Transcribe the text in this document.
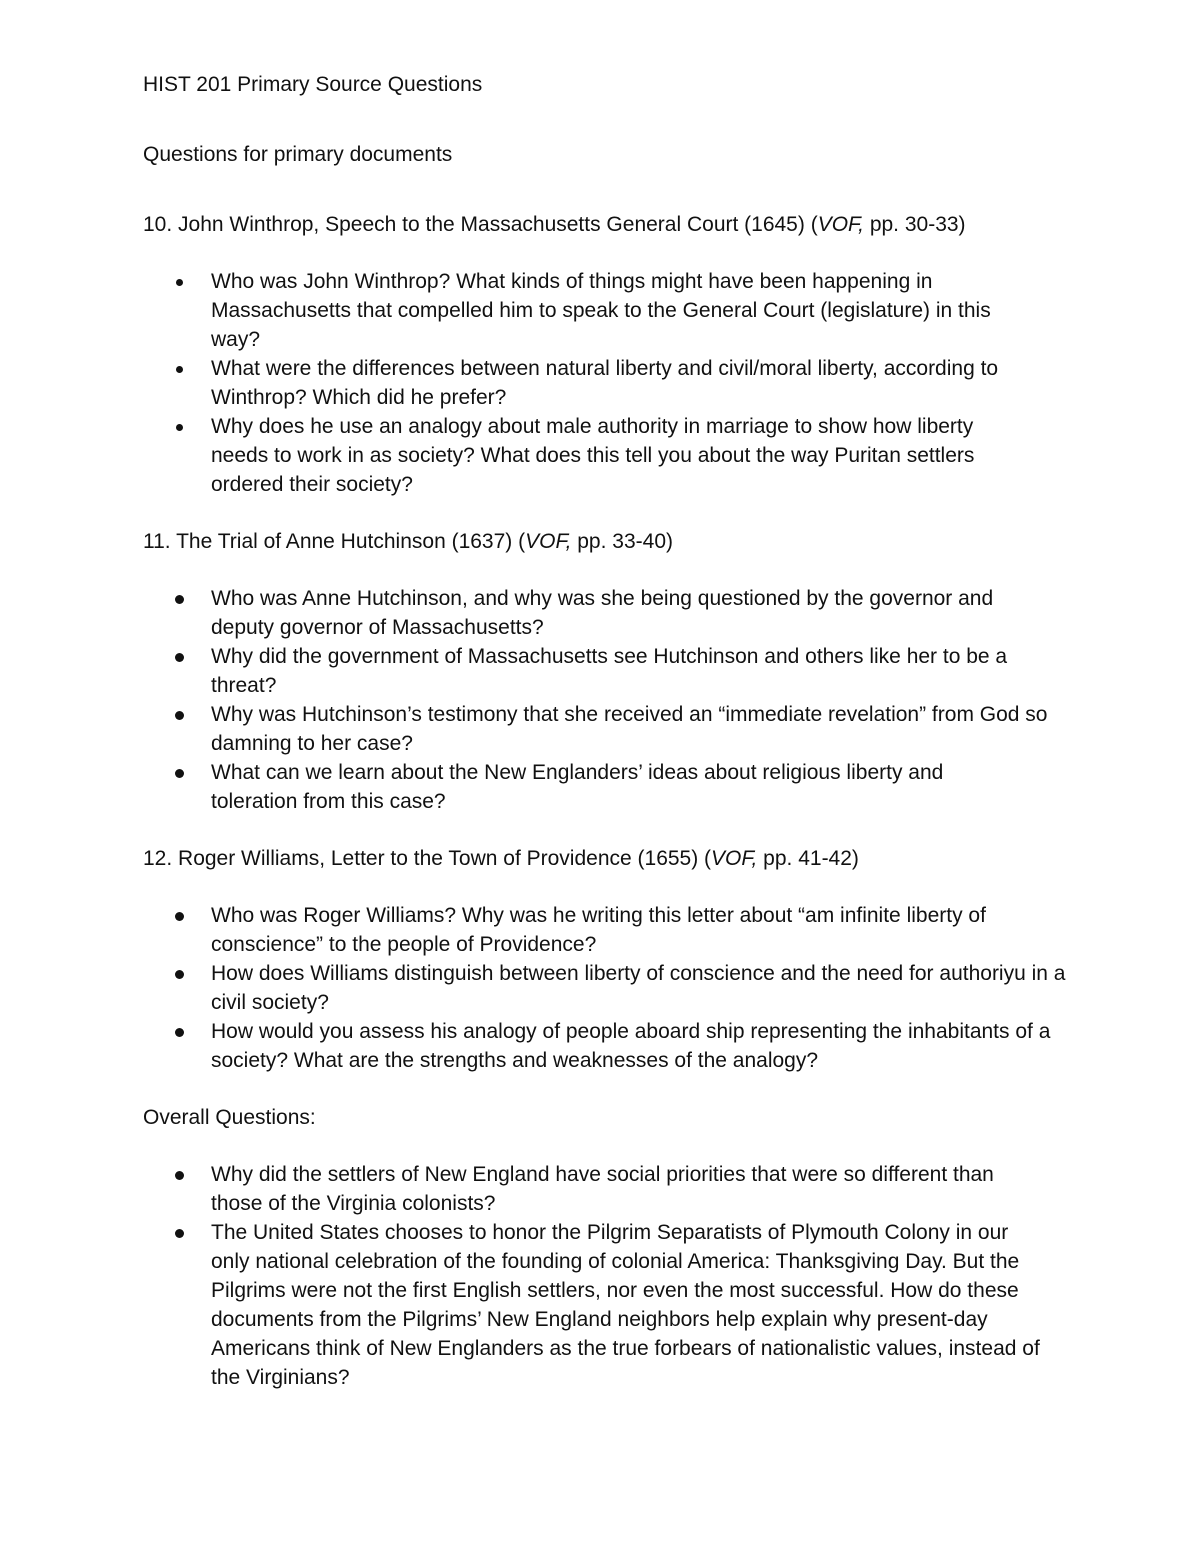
HIST 201 Primary Source Questions

Questions for primary documents

10. John Winthrop, Speech to the Massachusetts General Court (1645) (VOF, pp. 30-33)

Who was John Winthrop? What kinds of things might have been happening in Massachusetts that compelled him to speak to the General Court (legislature) in this way?
What were the differences between natural liberty and civil/moral liberty, according to Winthrop? Which did he prefer?
Why does he use an analogy about male authority in marriage to show how liberty needs to work in as society? What does this tell you about the way Puritan settlers ordered their society?

11. The Trial of Anne Hutchinson (1637) (VOF, pp. 33-40)

Who was Anne Hutchinson, and why was she being questioned by the governor and deputy governor of Massachusetts?
Why did the government of Massachusetts see Hutchinson and others like her to be a threat?
Why was Hutchinson’s testimony that she received an “immediate revelation” from God so damning to her case?
What can we learn about the New Englanders’ ideas about religious liberty and toleration from this case?

12. Roger Williams, Letter to the Town of Providence (1655) (VOF, pp. 41-42)

Who was Roger Williams? Why was he writing this letter about “am infinite liberty of conscience” to the people of Providence?
How does Williams distinguish between liberty of conscience and the need for authoriyu in a civil society?
How would you assess his analogy of people aboard ship representing the inhabitants of a society? What are the strengths and weaknesses of the analogy?

Overall Questions:

Why did the settlers of New England have social priorities that were so different than those of the Virginia colonists?
The United States chooses to honor the Pilgrim Separatists of Plymouth Colony in our only national celebration of the founding of colonial America: Thanksgiving Day. But the Pilgrims were not the first English settlers, nor even the most successful. How do these documents from the Pilgrims’ New England neighbors help explain why present-day Americans think of New Englanders as the true forbears of nationalistic values, instead of the Virginians?
